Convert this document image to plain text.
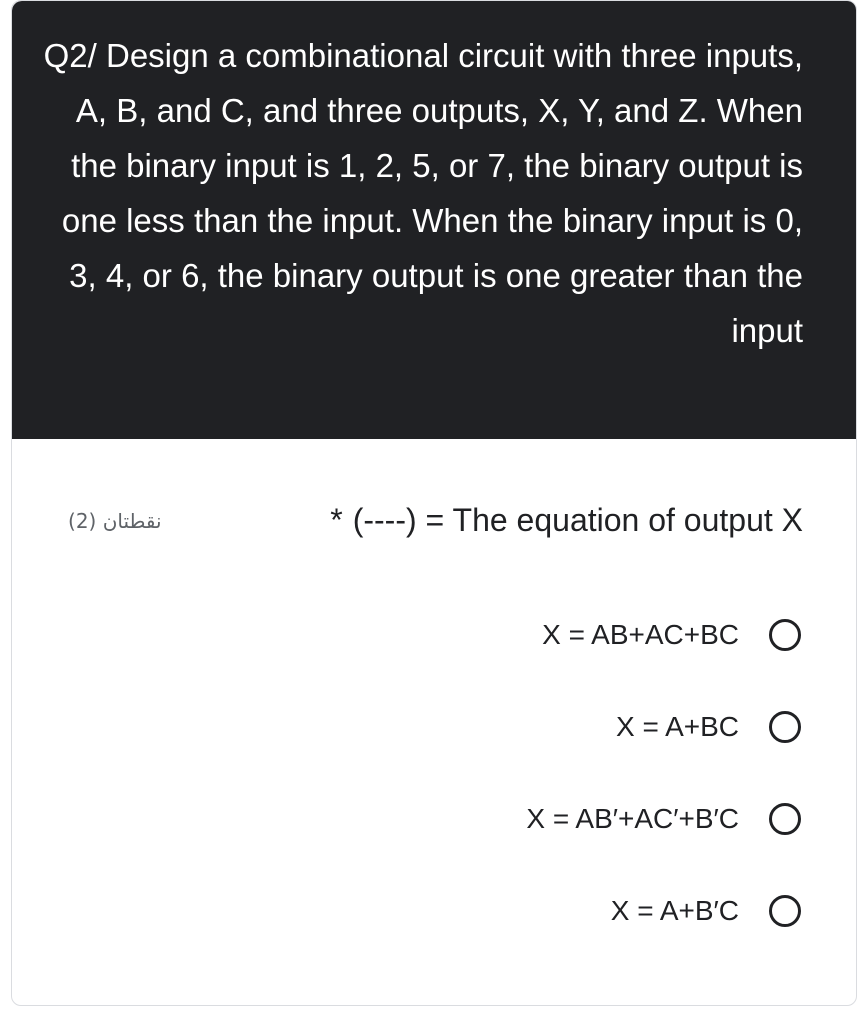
Q2/ Design a combinational circuit with three inputs, A, B, and C, and three outputs, X, Y, and Z. When the binary input is 1, 2, 5, or 7, the binary output is one less than the input. When the binary input is 0, 3, 4, or 6, the binary output is one greater than the input

نقطتان (2)	* (----) = The equation of output X
X = AB+AC+BC
X = A+BC
X = AB′+AC′+B′C
X = A+B′C
